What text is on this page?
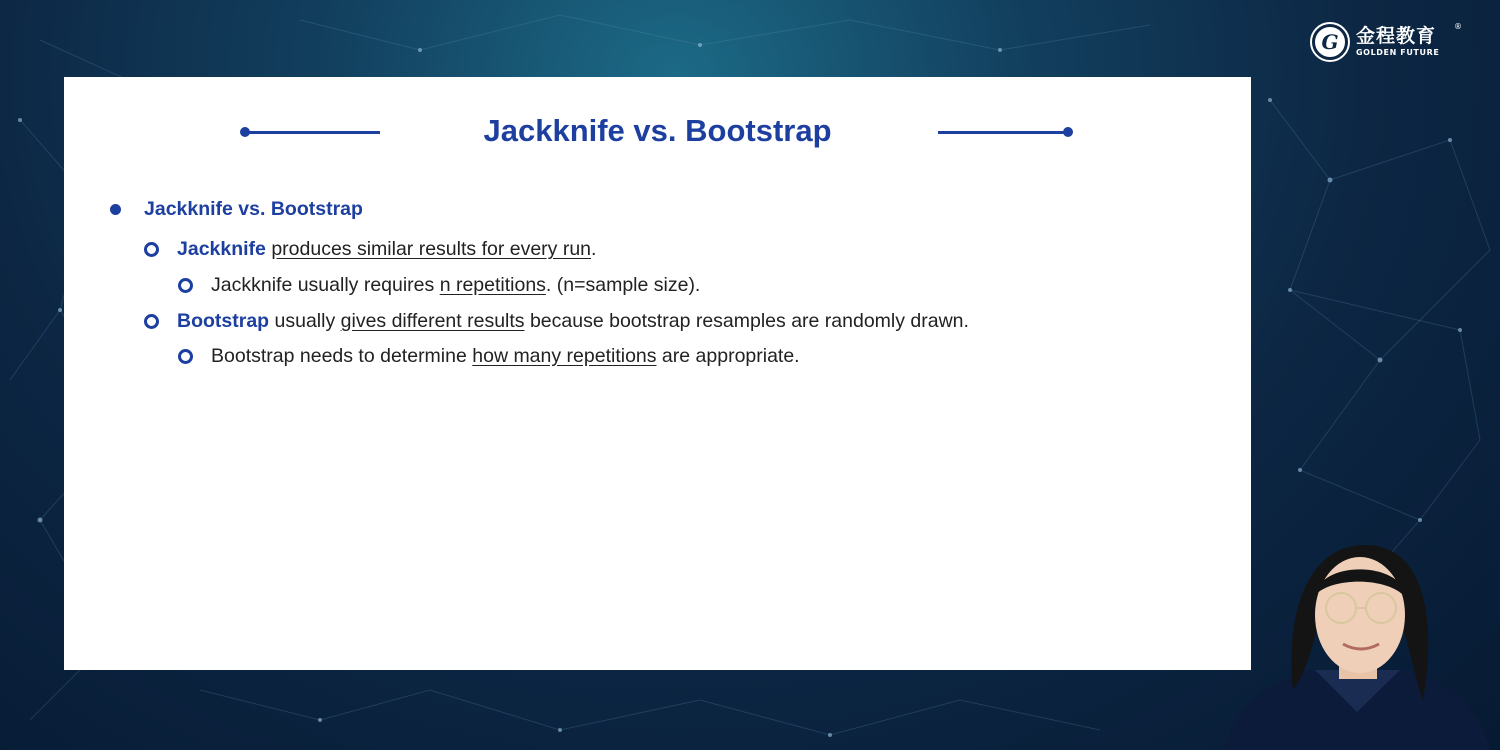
G 金程教育
GOLDEN FUTURE
®
Jackknife vs. Bootstrap
Jackknife vs. Bootstrap
Jackknife produces similar results for every run.
Jackknife usually requires n repetitions. (n=sample size).
Bootstrap usually gives different results because bootstrap resamples are randomly drawn.
Bootstrap needs to determine how many repetitions are appropriate.
